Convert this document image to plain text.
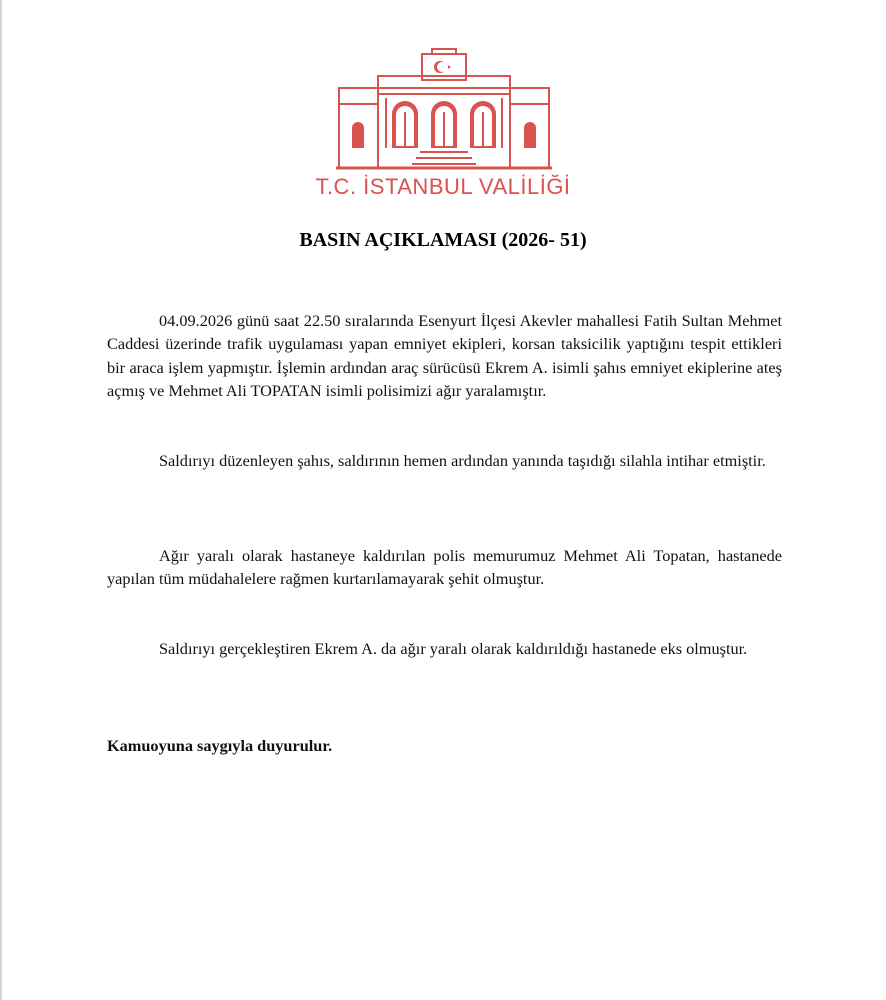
T.C. İSTANBUL VALİLİĞİ
BASIN AÇIKLAMASI (2026- 51)

04.09.2026 günü saat 22.50 sıralarında Esenyurt İlçesi Akevler mahallesi Fatih Sultan Mehmet Caddesi üzerinde trafik uygulaması yapan emniyet ekipleri, korsan taksicilik yaptığını tespit ettikleri bir araca işlem yapmıştır. İşlemin ardından araç sürücüsü Ekrem A. isimli şahıs emniyet ekiplerine ateş açmış ve Mehmet Ali TOPATAN isimli polisimizi ağır yaralamıştır.

Saldırıyı düzenleyen şahıs, saldırının hemen ardından yanında taşıdığı silahla intihar etmiştir.

Ağır yaralı olarak hastaneye kaldırılan polis memurumuz Mehmet Ali Topatan, hastanede yapılan tüm müdahalelere rağmen kurtarılamayarak şehit olmuştur.

Saldırıyı gerçekleştiren Ekrem A. da ağır yaralı olarak kaldırıldığı hastanede eks olmuştur.

Kamuoyuna saygıyla duyurulur.
